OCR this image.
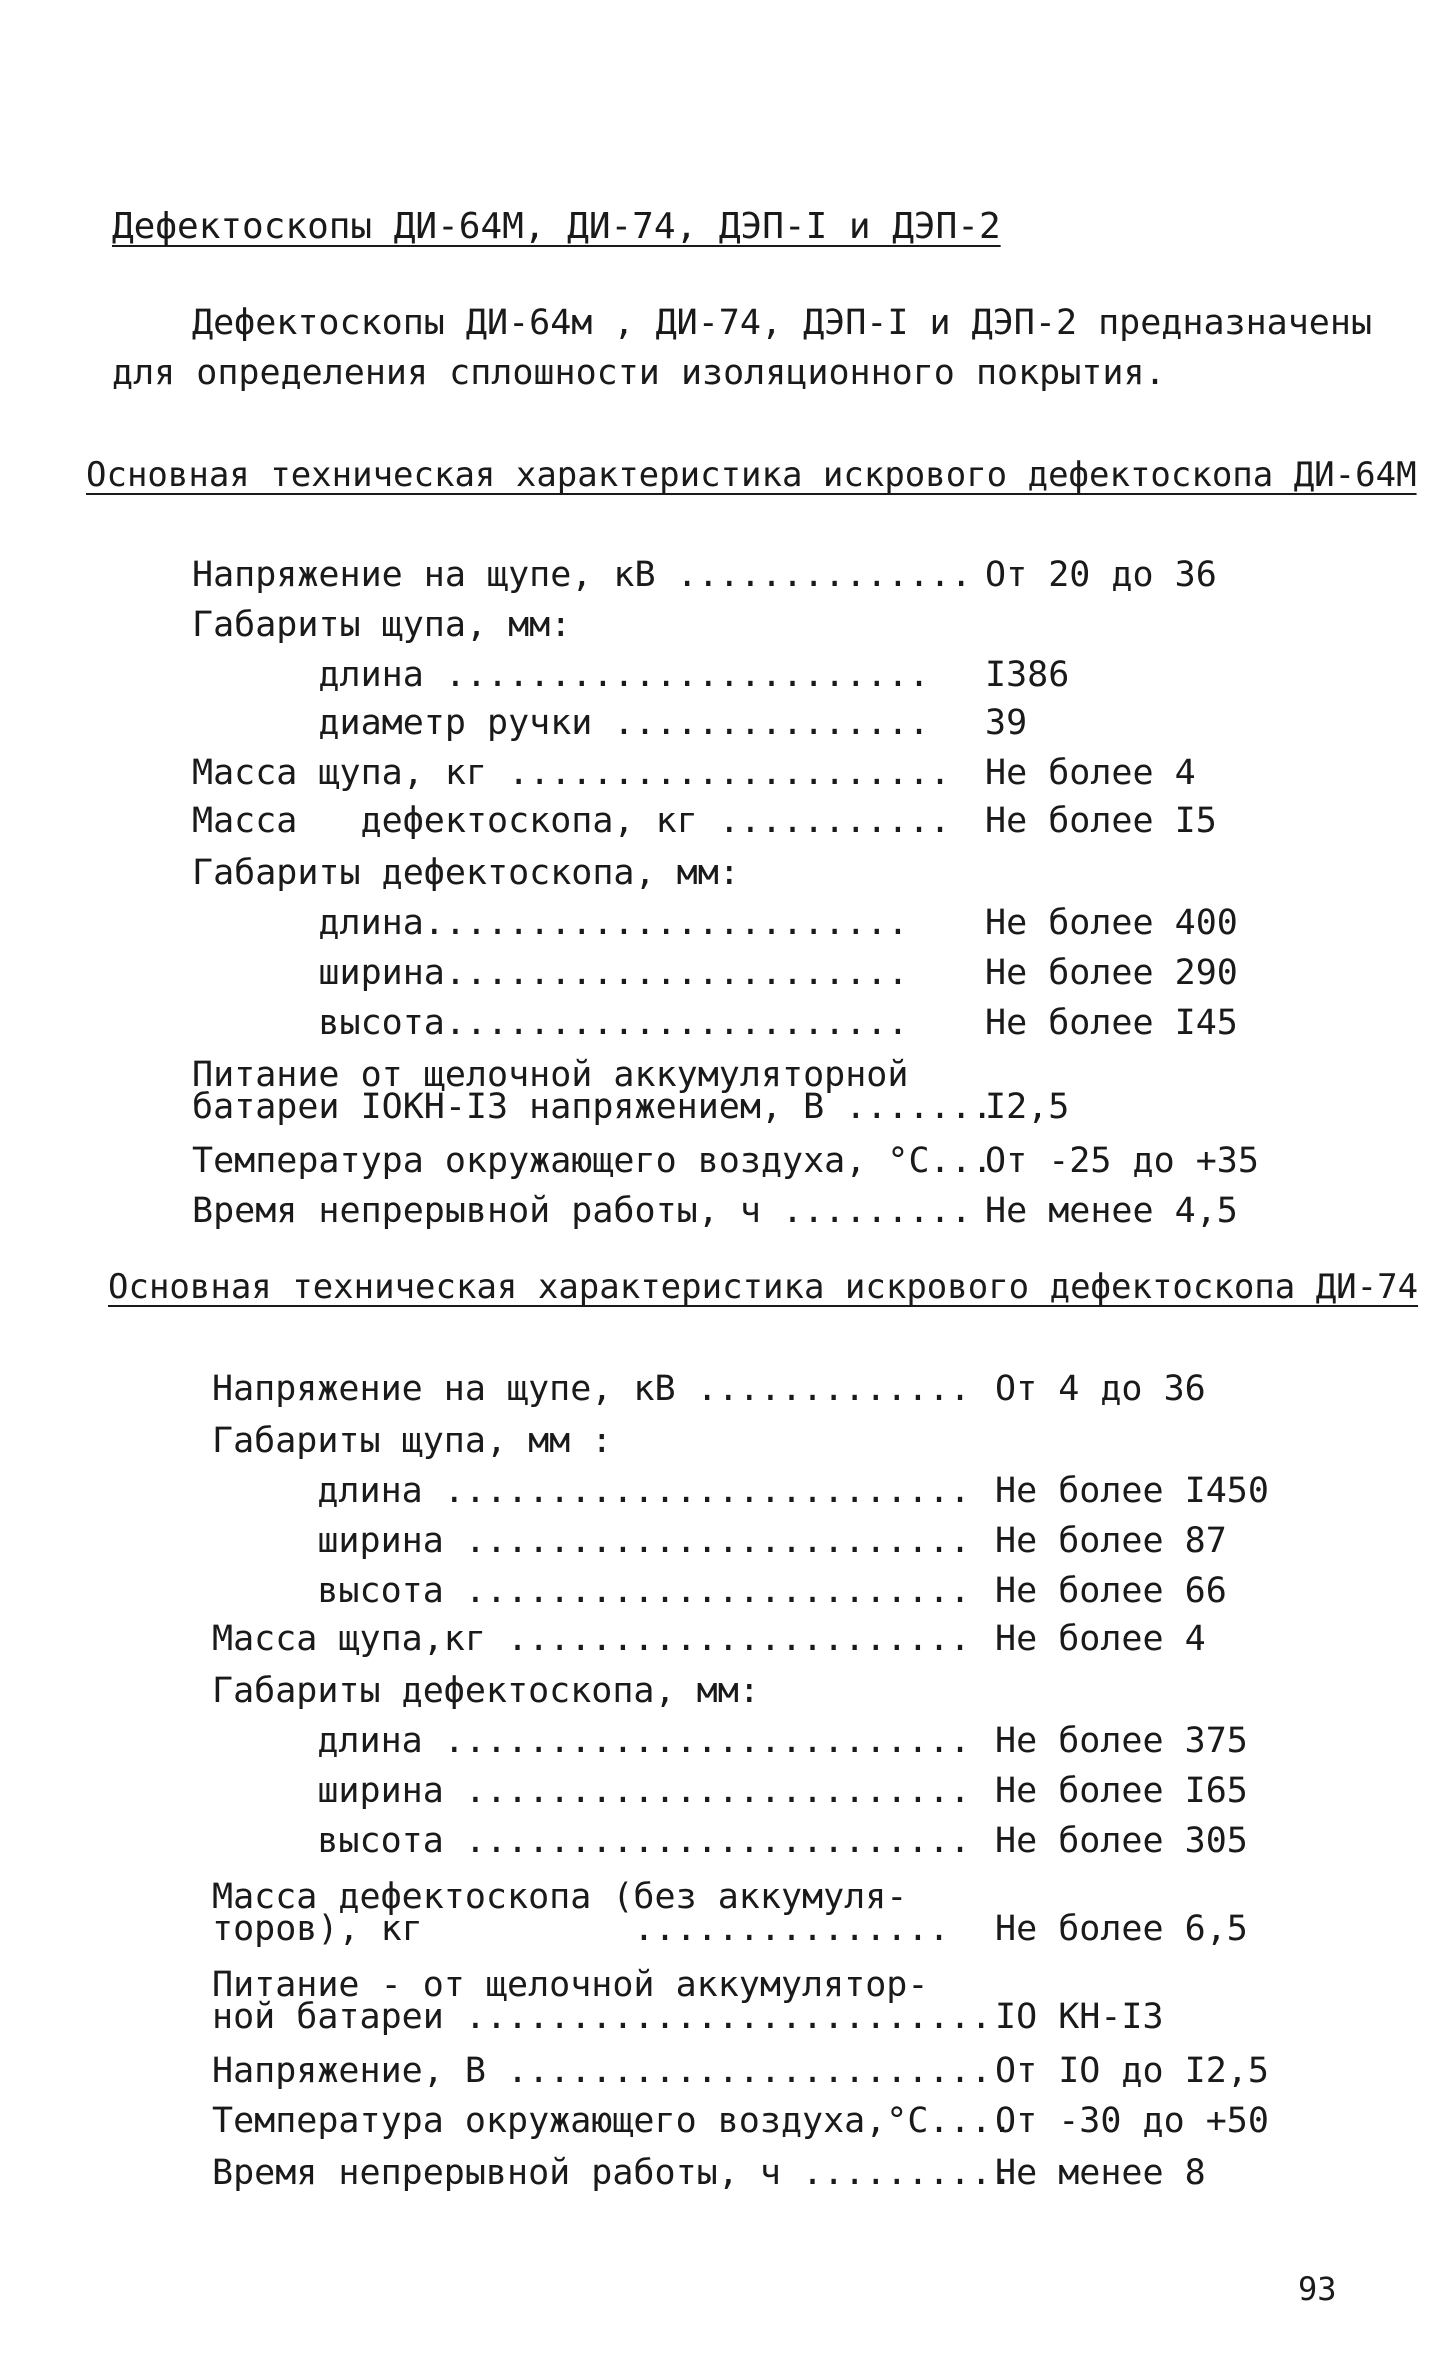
Дефектоскопы ДИ-64М, ДИ-74, ДЭП-I и ДЭП-2
Дефектоскопы ДИ-64м , ДИ-74, ДЭП-I и ДЭП-2 предназначены
для определения сплошности изоляционного покрытия.
Основная техническая характеристика искрового дефектоскопа ДИ-64М
Напряжение на щупе, кВ .............. От 20 до 36
Габариты щупа, мм:
длина ....................... I386
диаметр ручки ............... 39
Масса щупа, кг ..................... Не более 4
Масса   дефектоскопа, кг ........... Не более I5
Габариты дефектоскопа, мм:
длина....................... Не более 400
ширина...................... Не более 290
высота...................... Не более I45
Питание от щелочной аккумуляторной
батареи IOКН-I3 напряжением, В .......
I2,5
Температура окружающего воздуха, °С...
От -25 до +35
Время непрерывной работы, ч ......... Не менее 4,5
Основная техническая характеристика искрового дефектоскопа ДИ-74
Напряжение на щупе, кВ ............. От 4 до 36
Габариты щупа, мм :
длина ......................... Не более I450
ширина ........................ Не более 87
высота ........................ Не более 66
Масса щупа,кг ...................... Не более 4
Габариты дефектоскопа, мм:
длина ......................... Не более 375
ширина ........................ Не более I65
высота ........................ Не более 305
Масса дефектоскопа (без аккумуля-
торов), кг          ............... Не более 6,5
Питание - от щелочной аккумулятор-
ной батареи ......................... IO КН-I3
Напряжение, В ....................... От IO до I2,5
Температура окружающего воздуха,°С....
От -30 до +50
Время непрерывной работы, ч ..........
Не менее 8
93
